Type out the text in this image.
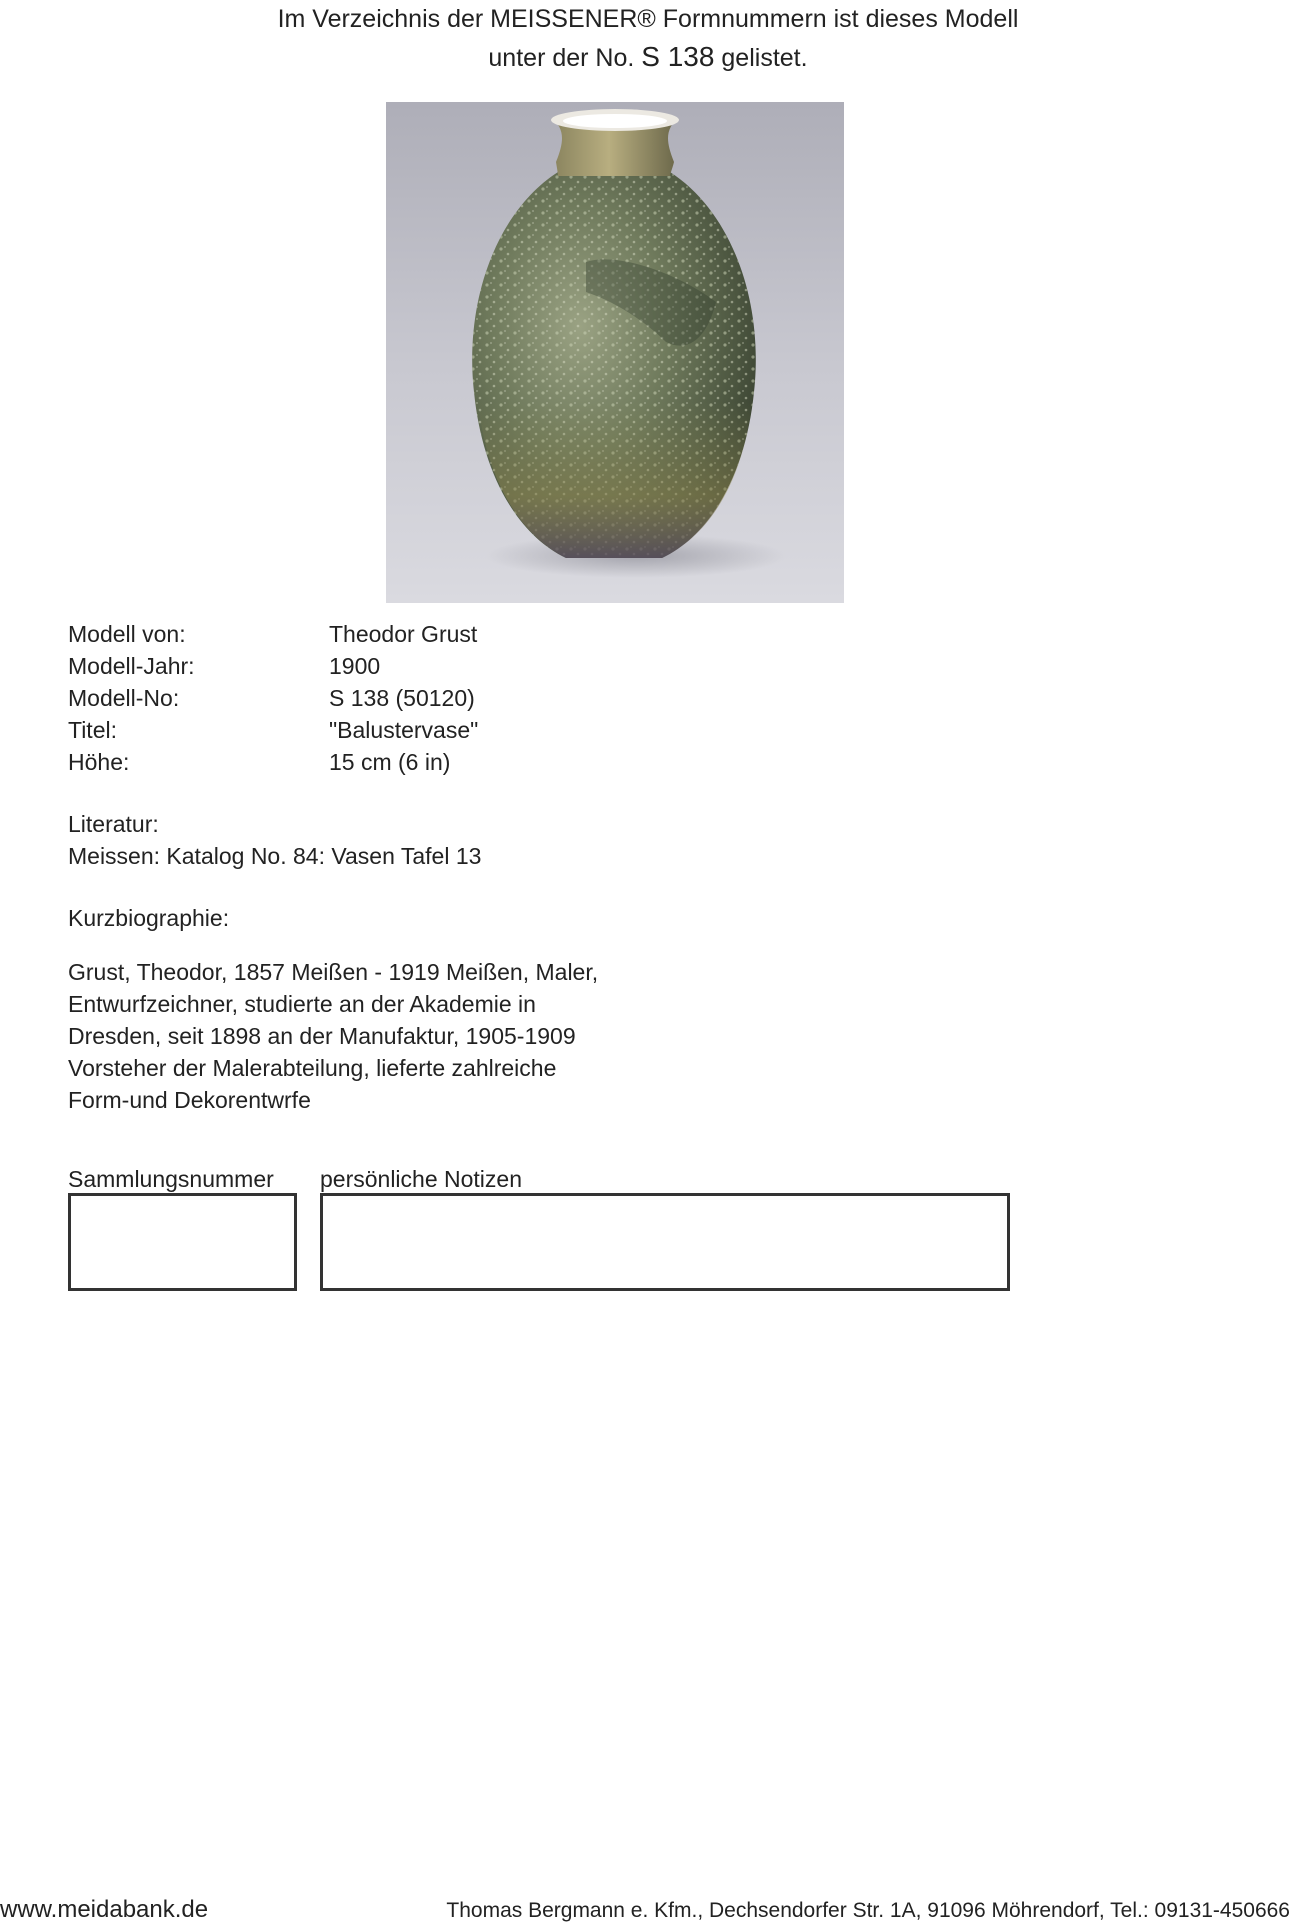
Im Verzeichnis der MEISSENER® Formnummern ist dieses Modell
unter der No. S 138 gelistet.
Modell von:	Theodor Grust
Modell-Jahr:	1900
Modell-No:	S 138 (50120)
Titel:	"Balustervase"
Höhe:	15 cm (6 in)
Literatur:
Meissen: Katalog No. 84: Vasen Tafel 13
Kurzbiographie:
Grust, Theodor, 1857 Meißen - 1919 Meißen, Maler,
Entwurfzeichner, studierte an der Akademie in
Dresden, seit 1898 an der Manufaktur, 1905-1909
Vorsteher der Malerabteilung, lieferte zahlreiche
Form-und Dekorentwrfe
Sammlungsnummer persönliche Notizen
www.meidabank.de	Thomas Bergmann e. Kfm., Dechsendorfer Str. 1A, 91096 Möhrendorf, Tel.: 09131-450666
